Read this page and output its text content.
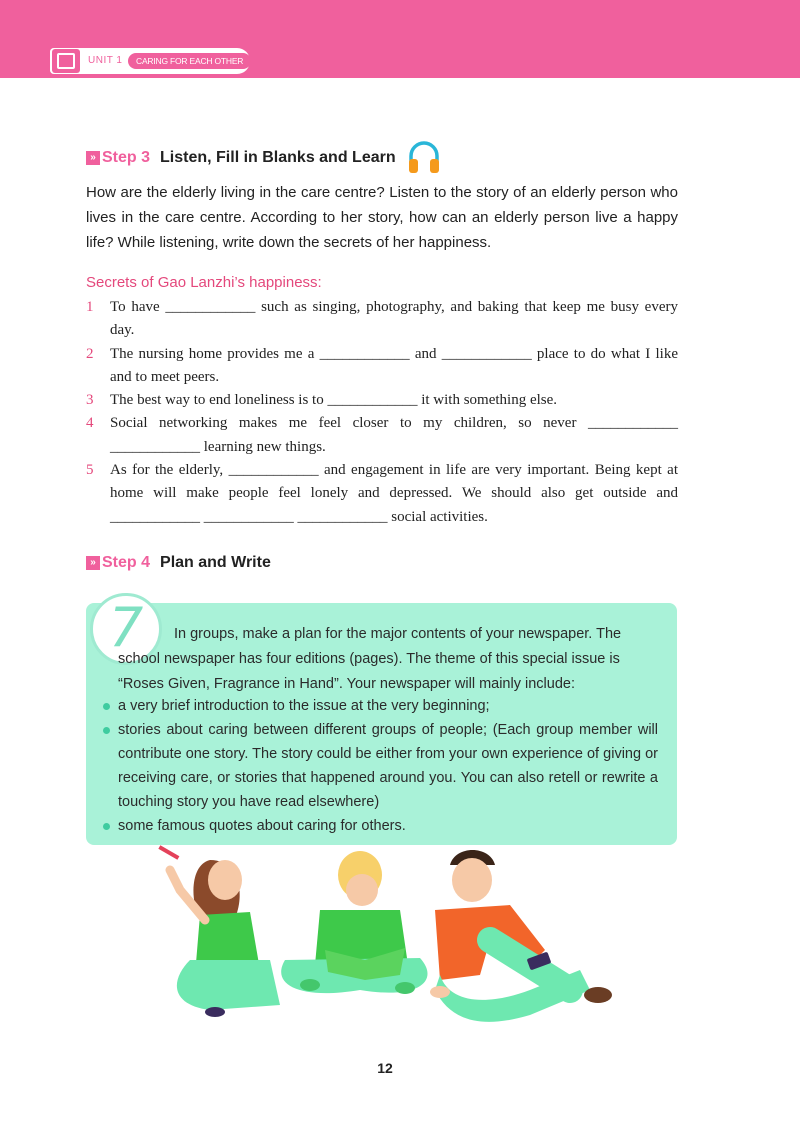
UNIT 1	CARING FOR EACH OTHER
» Step 3 Listen, Fill in Blanks and Learn
How are the elderly living in the care centre? Listen to the story of an elderly person who lives in the care centre. According to her story, how can an elderly person live a happy life? While listening, write down the secrets of her happiness.
Secrets of Gao Lanzhi’s happiness:
1 To have ____________ such as singing, photography, and baking that keep me busy every day.
2 The nursing home provides me a ____________ and ____________ place to do what I like and to meet peers.
3 The best way to end loneliness is to ____________ it with something else.
4 Social networking makes me feel closer to my children, so never ____________ ____________ learning new things.
5 As for the elderly, ____________ and engagement in life are very important. Being kept at home will make people feel lonely and depressed. We should also get outside and ____________ ____________ ____________ social activities.
» Step 4 Plan and Write
7	In groups, make a plan for the major contents of your newspaper. The school newspaper has four editions (pages). The theme of this special issue is “Roses Given, Fragrance in Hand”. Your newspaper will mainly include:
a very brief introduction to the issue at the very beginning;
stories about caring between different groups of people; (Each group member will contribute one story. The story could be either from your own experience of giving or receiving care, or stories that happened around you. You can also retell or rewrite a touching story you have read elsewhere)
some famous quotes about caring for others.
12
